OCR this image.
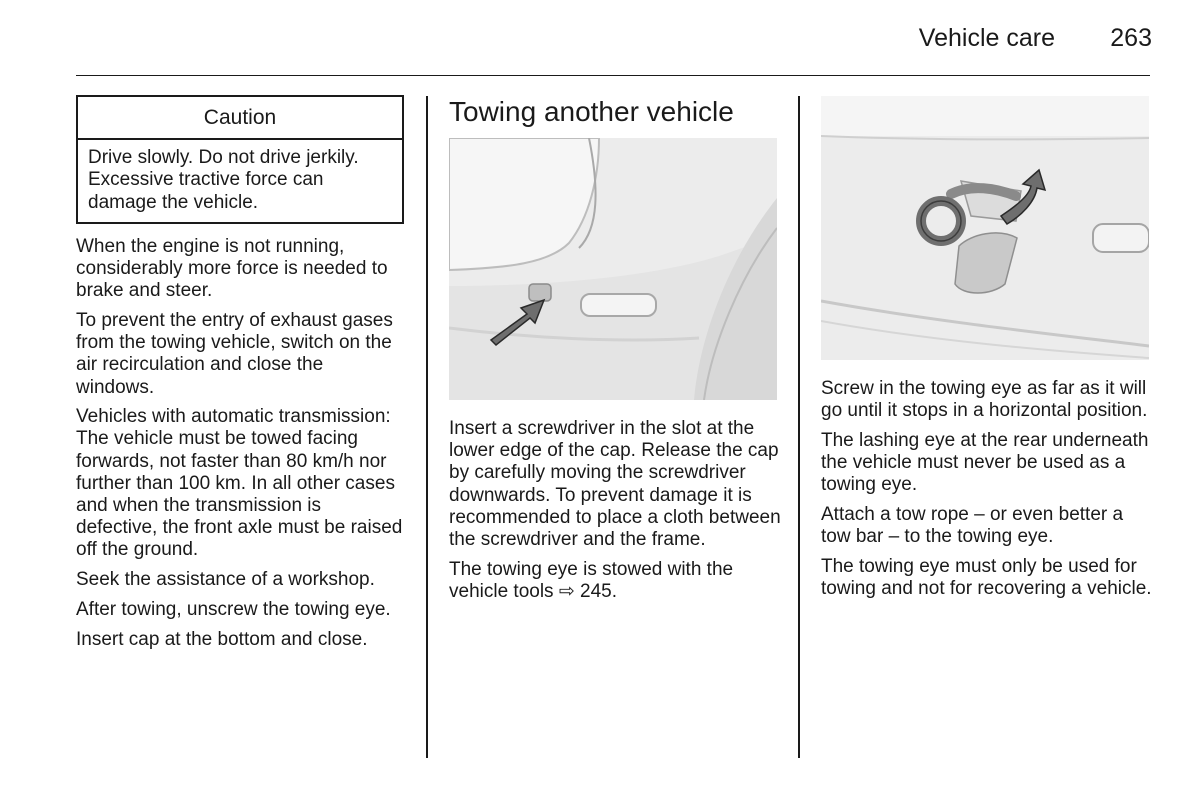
Vehicle care	263
Caution
Drive slowly. Do not drive jerkily. Excessive tractive force can damage the vehicle.

When the engine is not running, considerably more force is needed to brake and steer.

To prevent the entry of exhaust gases from the towing vehicle, switch on the air recirculation and close the windows.

Vehicles with automatic transmission: The vehicle must be towed facing forwards, not faster than 80 km/h nor further than 100 km. In all other cases and when the transmission is defective, the front axle must be raised off the ground.

Seek the assistance of a workshop.

After towing, unscrew the towing eye.

Insert cap at the bottom and close.

Towing another vehicle

Insert a screwdriver in the slot at the lower edge of the cap. Release the cap by carefully moving the screwdriver downwards. To prevent damage it is recommended to place a cloth between the screwdriver and the frame.

The towing eye is stowed with the vehicle tools ⇨ 245.

Screw in the towing eye as far as it will go until it stops in a horizontal position.

The lashing eye at the rear underneath the vehicle must never be used as a towing eye.

Attach a tow rope – or even better a tow bar – to the towing eye.

The towing eye must only be used for towing and not for recovering a vehicle.
